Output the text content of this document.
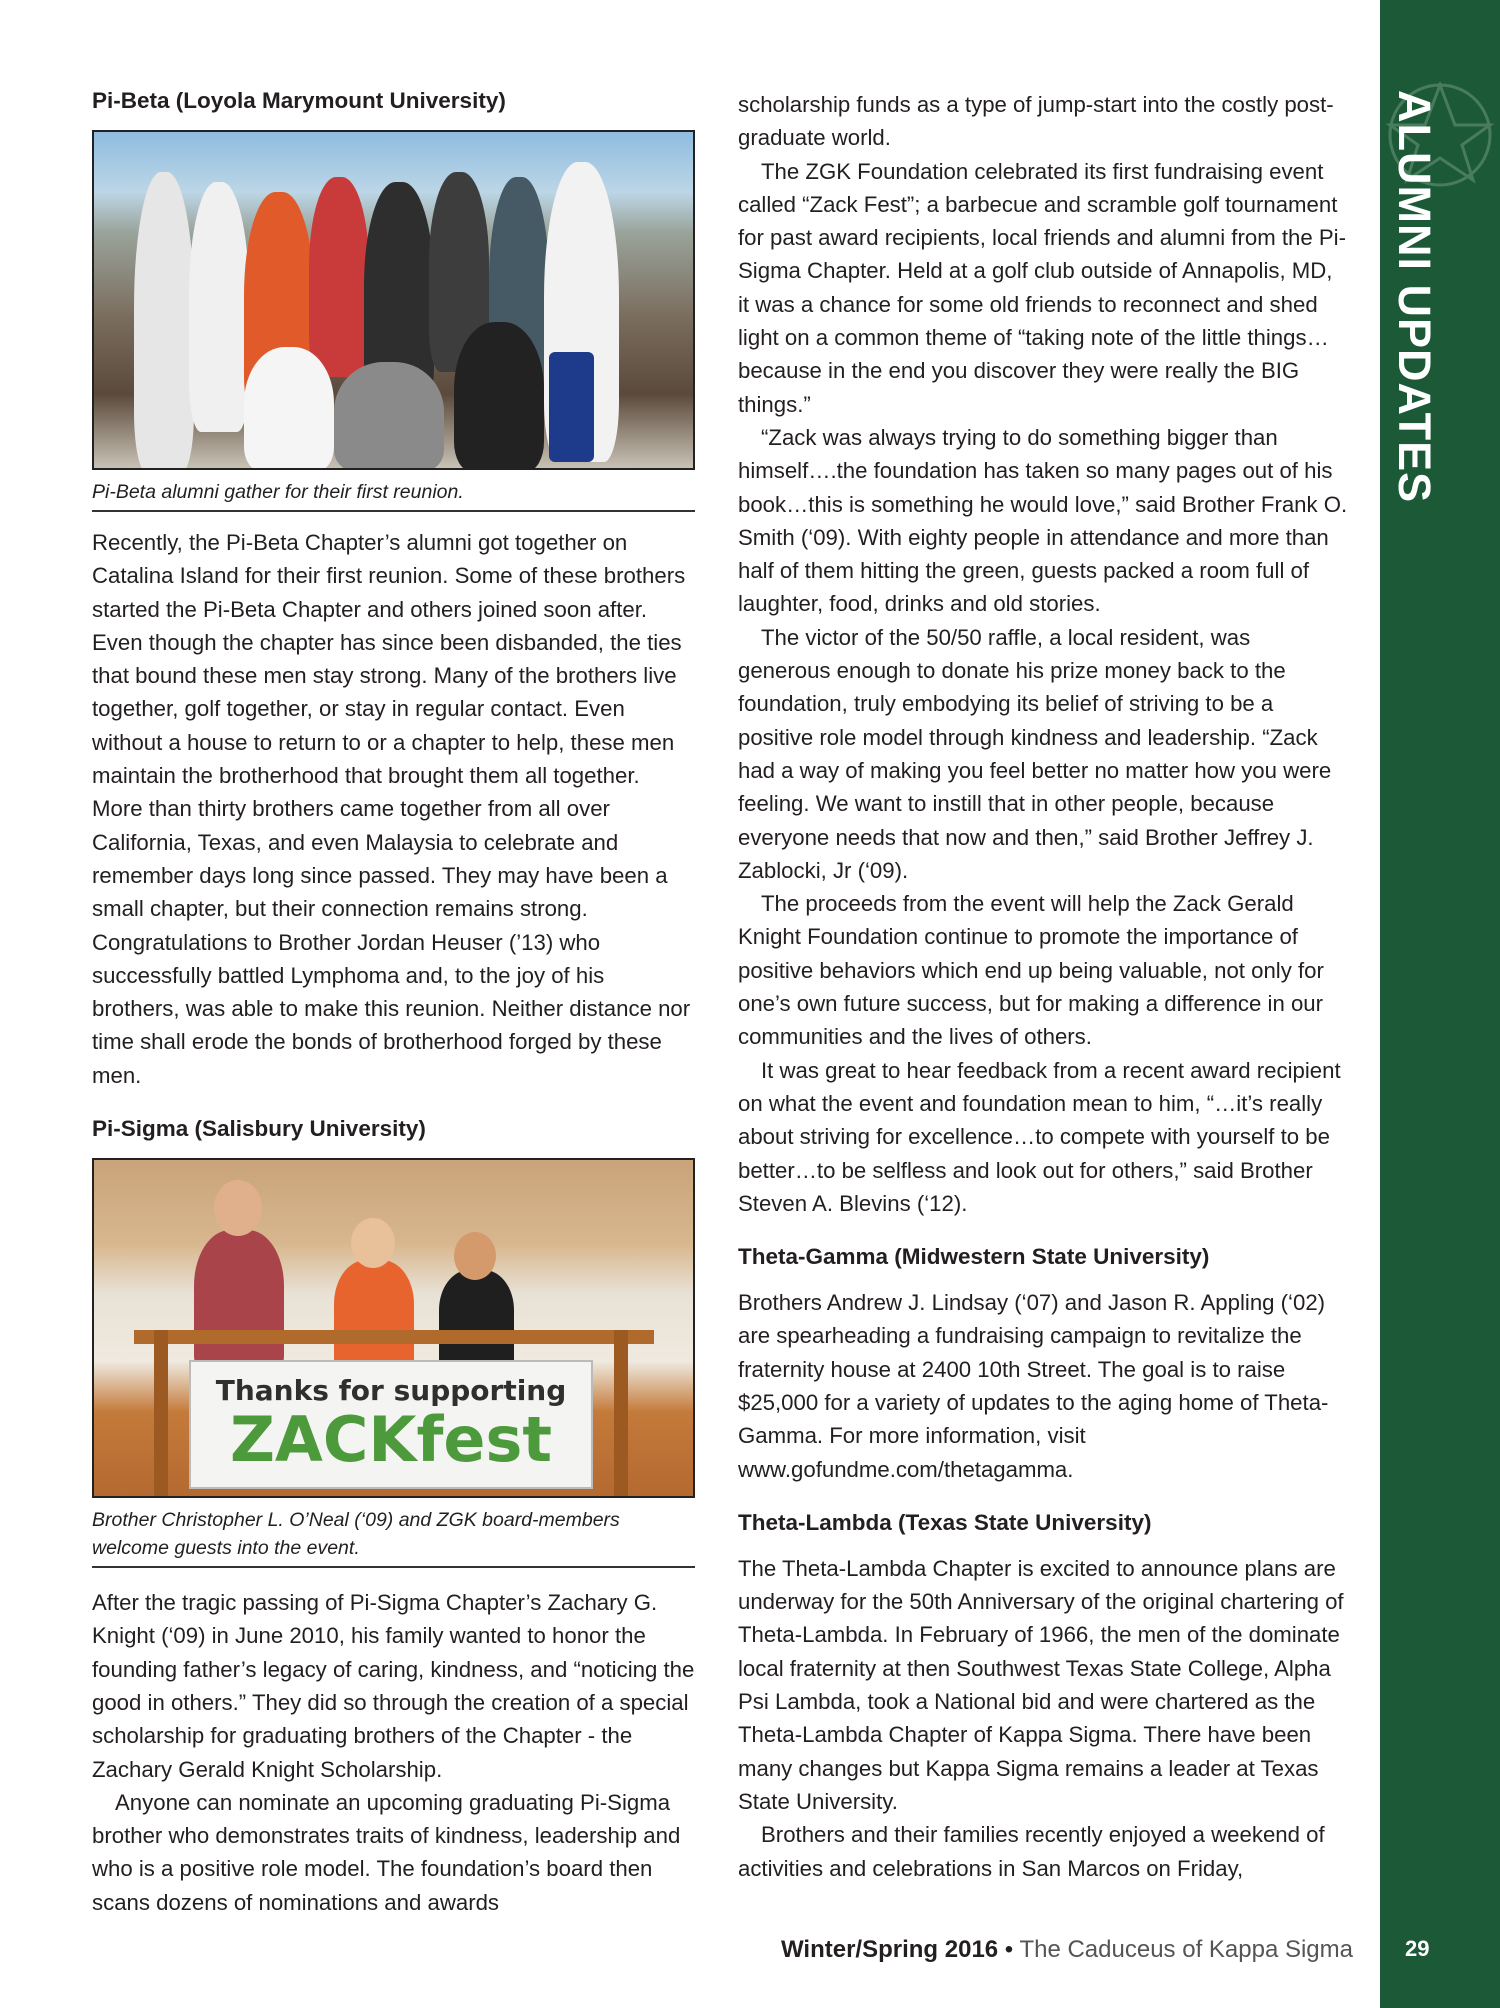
ALUMNI UPDATES
29
Pi-Beta (Loyola Marymount University)
Pi-Beta alumni gather for their first reunion.

Recently, the Pi-Beta Chapter’s alumni got together on Catalina Island for their first reunion. Some of these brothers started the Pi-Beta Chapter and others joined soon after. Even though the chapter has since been disbanded, the ties that bound these men stay strong. Many of the brothers live together, golf together, or stay in regular contact. Even without a house to return to or a chapter to help, these men maintain the brotherhood that brought them all together. More than thirty brothers came together from all over California, Texas, and even Malaysia to celebrate and remember days long since passed. They may have been a small chapter, but their connection remains strong. Congratulations to Brother Jordan Heuser (’13) who successfully battled Lymphoma and, to the joy of his brothers, was able to make this reunion. Neither distance nor time shall erode the bonds of brotherhood forged by these men.

Pi-Sigma (Salisbury University)
Thanks for supporting
ZACKfest
Brother Christopher L. O’Neal (‘09) and ZGK board-members welcome guests into the event.

After the tragic passing of Pi-Sigma Chapter’s Zachary G. Knight (‘09) in June 2010, his family wanted to honor the founding father’s legacy of caring, kindness, and “noticing the good in others.” They did so through the creation of a special scholarship for graduating brothers of the Chapter - the Zachary Gerald Knight Scholarship.

Anyone can nominate an upcoming graduating Pi-Sigma brother who demonstrates traits of kindness, leadership and who is a positive role model. The foundation’s board then scans dozens of nominations and awards

scholarship funds as a type of jump-start into the costly post-graduate world.

The ZGK Foundation celebrated its first fundraising event called “Zack Fest”; a barbecue and scramble golf tournament for past award recipients, local friends and alumni from the Pi-Sigma Chapter. Held at a golf club outside of Annapolis, MD, it was a chance for some old friends to reconnect and shed light on a common theme of “taking note of the little things…because in the end you discover they were really the BIG things.”

“Zack was always trying to do something bigger than himself….the foundation has taken so many pages out of his book…this is something he would love,” said Brother Frank O. Smith (‘09). With eighty people in attendance and more than half of them hitting the green, guests packed a room full of laughter, food, drinks and old stories.

The victor of the 50/50 raffle, a local resident, was generous enough to donate his prize money back to the foundation, truly embodying its belief of striving to be a positive role model through kindness and leadership. “Zack had a way of making you feel better no matter how you were feeling. We want to instill that in other people, because everyone needs that now and then,” said Brother Jeffrey J. Zablocki, Jr (‘09).

The proceeds from the event will help the Zack Gerald Knight Foundation continue to promote the importance of positive behaviors which end up being valuable, not only for one’s own future success, but for making a difference in our communities and the lives of others.

It was great to hear feedback from a recent award recipient on what the event and foundation mean to him, “…it’s really about striving for excellence…to compete with yourself to be better…to be selfless and look out for others,” said Brother Steven A. Blevins (‘12).

Theta-Gamma (Midwestern State University)

Brothers Andrew J. Lindsay (‘07) and Jason R. Appling (‘02) are spearheading a fundraising campaign to revitalize the fraternity house at 2400 10th Street. The goal is to raise $25,000 for a variety of updates to the aging home of Theta-Gamma. For more information, visit www.gofundme.com/thetagamma.

Theta-Lambda (Texas State University)

The Theta-Lambda Chapter is excited to announce plans are underway for the 50th Anniversary of the original chartering of Theta-Lambda. In February of 1966, the men of the dominate local fraternity at then Southwest Texas State College, Alpha Psi Lambda, took a National bid and were chartered as the Theta-Lambda Chapter of Kappa Sigma. There have been many changes but Kappa Sigma remains a leader at Texas State University.

Brothers and their families recently enjoyed a weekend of activities and celebrations in San Marcos on Friday,

Winter/Spring 2016 • The Caduceus of Kappa Sigma
